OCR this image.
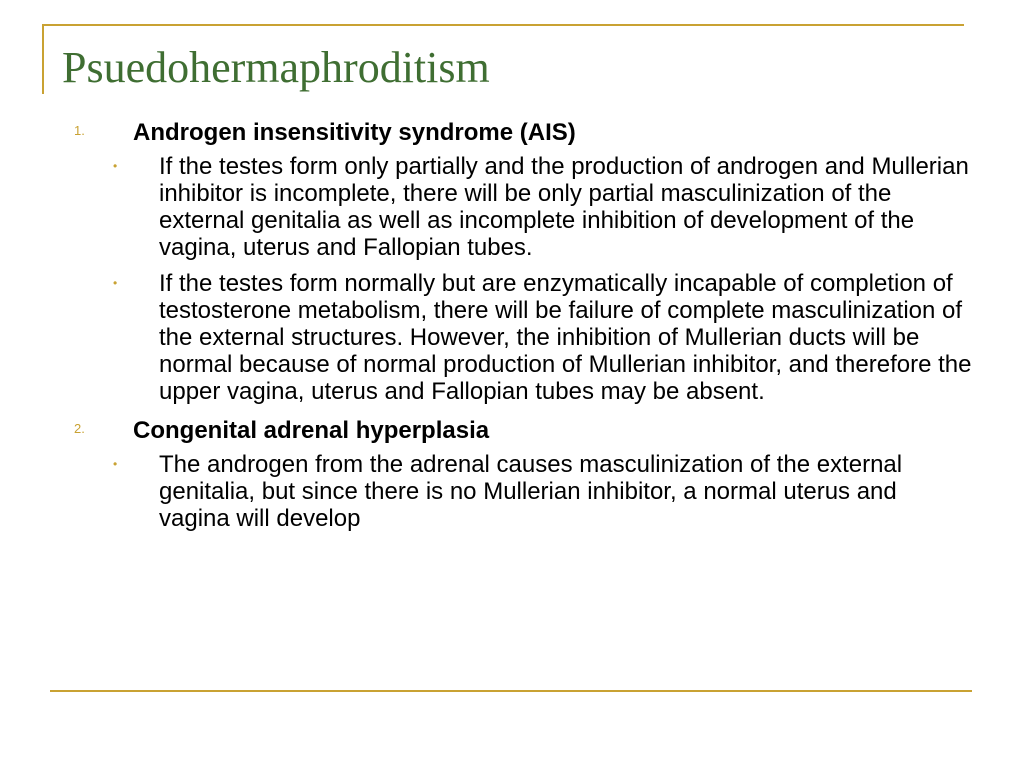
Psuedohermaphroditism
1. Androgen insensitivity syndrome (AIS)
• If the testes form only partially and the production of androgen and Mullerian inhibitor is incomplete, there will be only partial masculinization of the external genitalia as well as incomplete inhibition of development of the vagina, uterus and Fallopian tubes.
• If the testes form normally but are enzymatically incapable of completion of testosterone metabolism, there will be failure of complete masculinization of the external structures. However, the inhibition of Mullerian ducts will be normal because of normal production of Mullerian inhibitor, and therefore the upper vagina, uterus and Fallopian tubes may be absent.
2. Congenital adrenal hyperplasia
• The androgen from the adrenal causes masculinization of the external genitalia, but since there is no Mullerian inhibitor, a normal uterus and vagina will develop
